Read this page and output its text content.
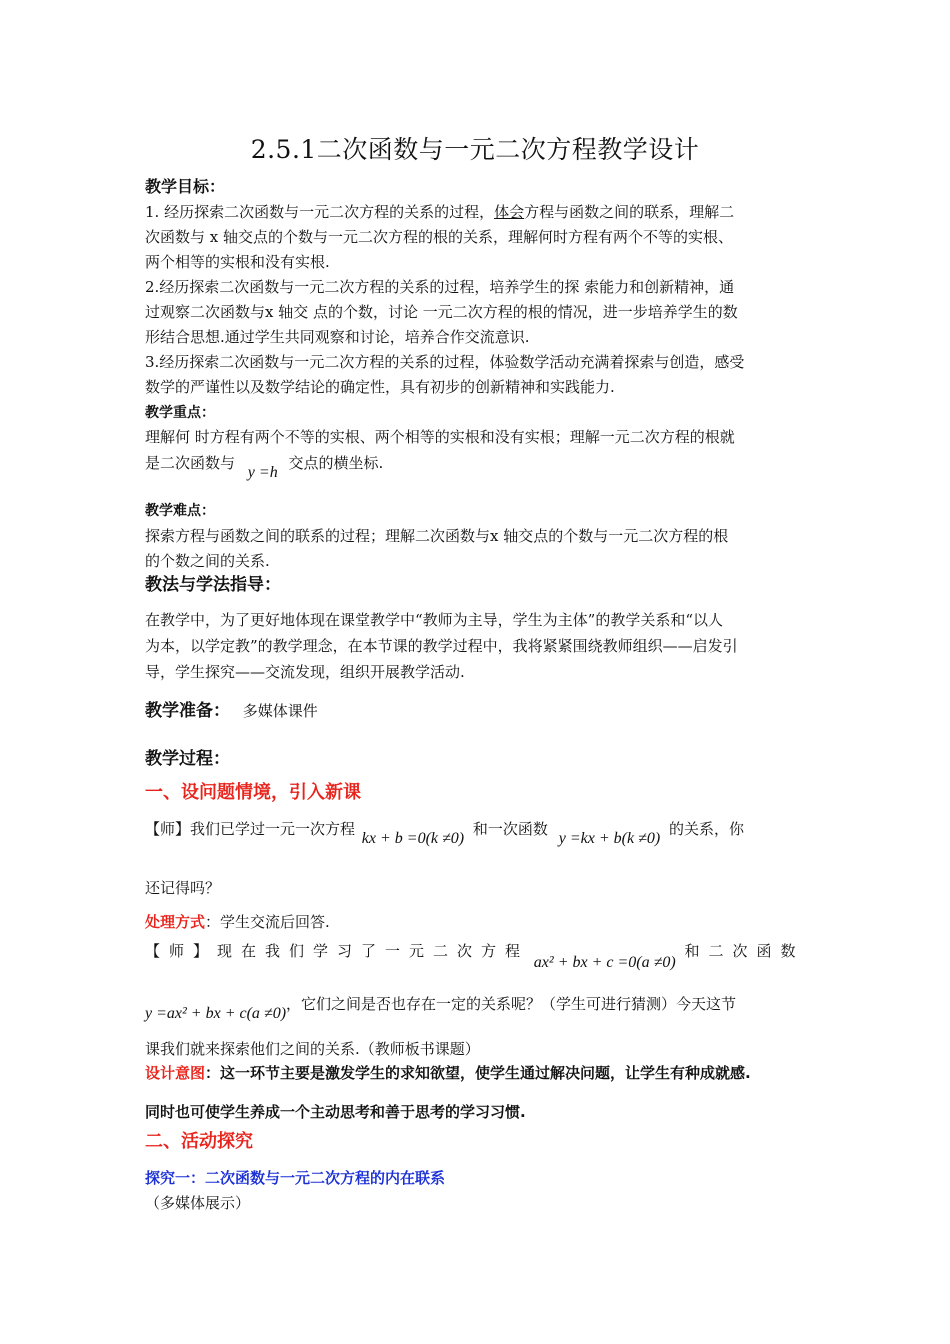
2.5.1二次函数与一元二次方程教学设计
教学目标：
1. 经历探索二次函数与一元二次方程的关系的过程，体会方程与函数之间的联系，理解二
次函数与 x 轴交点的个数与一元二次方程的根的关系，理解何时方程有两个不等的实根、
两个相等的实根和没有实根.
2.经历探索二次函数与一元二次方程的关系的过程，培养学生的探 索能力和创新精神，通
过观察二次函数与x 轴交 点的个数，讨论 一元二次方程的根的情况，进一步培养学生的数
形结合思想.通过学生共同观察和讨论，培养合作交流意识.
3.经历探索二次函数与一元二次方程的关系的过程，体验数学活动充满着探索与创造，感受
数学的严谨性以及数学结论的确定性，具有初步的创新精神和实践能力.
教学重点：
理解何 时方程有两个不等的实根、两个相等的实根和没有实根；理解一元二次方程的根就
是二次函数与 y =h 交点的横坐标.
教学难点：
探索方程与函数之间的联系的过程；理解二次函数与x 轴交点的个数与一元二次方程的根
的个数之间的关系.
教法与学法指导：
在教学中，为了更好地体现在课堂教学中“教师为主导，学生为主体”的教学关系和“以人
为本，以学定教”的教学理念，在本节课的教学过程中，我将紧紧围绕教师组织——启发引
导，学生探究——交流发现，组织开展教学活动.
教学准备： 多媒体课件
教学过程：
一、设问题情境，引入新课
【师】我们已学过一元一次方程 kx + b =0(k ≠0) 和一次函数 y =kx + b(k ≠0) 的关系，你
还记得吗？
处理方式：学生交流后回答.
【师】现在我们学习了一元二次方程 ax² + bx + c =0(a ≠0) 和二次函数
y =ax² + bx + c(a ≠0)，它们之间是否也存在一定的关系呢？（学生可进行猜测）今天这节
课我们就来探索他们之间的关系.（教师板书课题）
设计意图：这一环节主要是激发学生的求知欲望，使学生通过解决问题，让学生有种成就感.
同时也可使学生养成一个主动思考和善于思考的学习习惯.
二、活动探究
探究一：二次函数与一元二次方程的内在联系
（多媒体展示）
